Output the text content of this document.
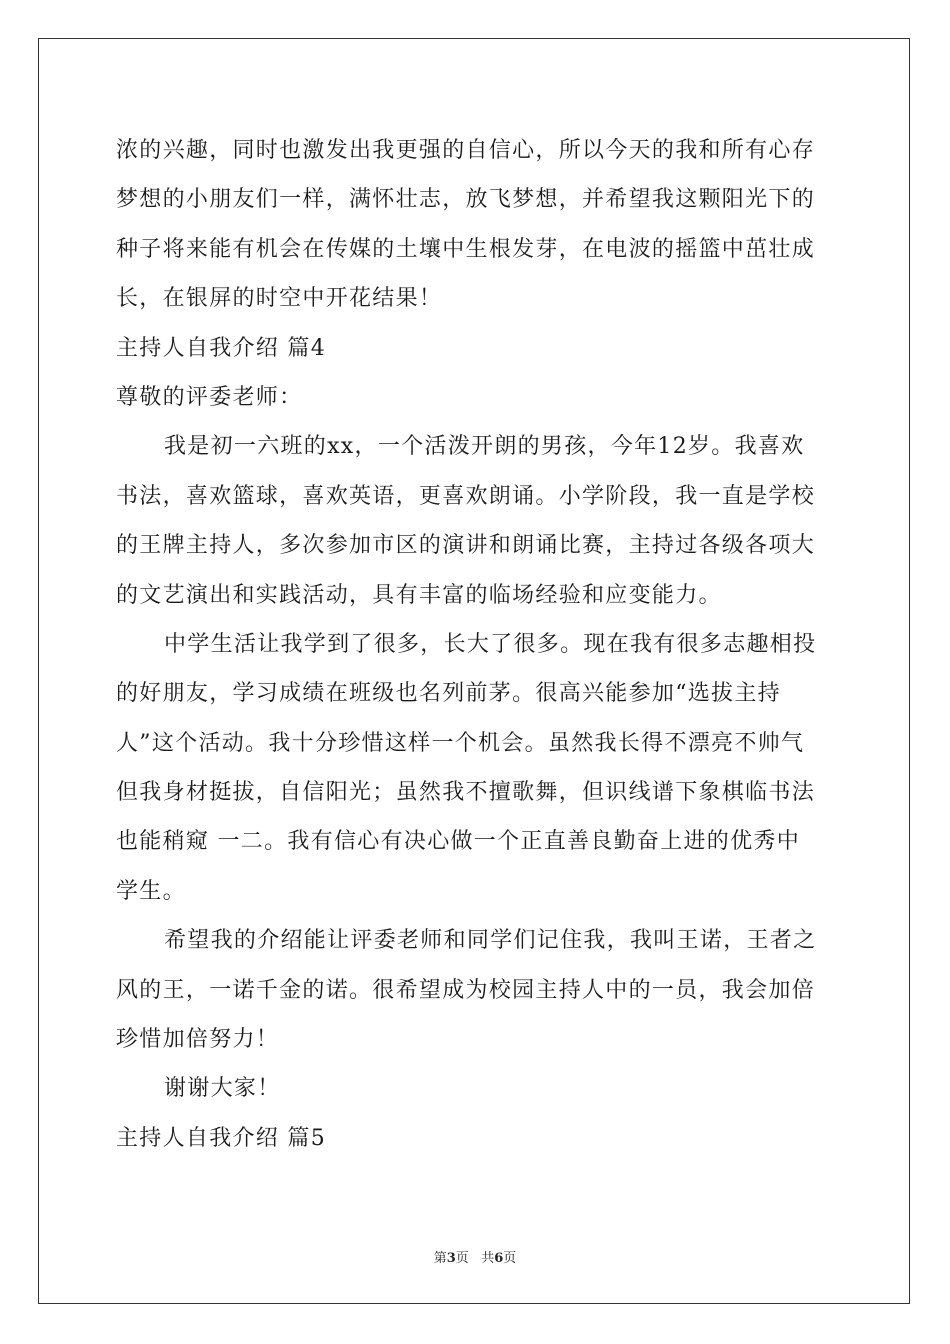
浓的兴趣，同时也激发出我更强的自信心，所以今天的我和所有心存
梦想的小朋友们一样，满怀壮志，放飞梦想，并希望我这颗阳光下的
种子将来能有机会在传媒的土壤中生根发芽，在电波的摇篮中茁壮成
长，在银屏的时空中开花结果！
主持人自我介绍 篇4
尊敬的评委老师：
我是初一六班的xx，一个活泼开朗的男孩，今年12岁。我喜欢
书法，喜欢篮球，喜欢英语，更喜欢朗诵。小学阶段，我一直是学校
的王牌主持人，多次参加市区的演讲和朗诵比赛，主持过各级各项大
的文艺演出和实践活动，具有丰富的临场经验和应变能力。
中学生活让我学到了很多，长大了很多。现在我有很多志趣相投
的好朋友，学习成绩在班级也名列前茅。很高兴能参加“选拔主持
人”这个活动。我十分珍惜这样一个机会。虽然我长得不漂亮不帅气
但我身材挺拔，自信阳光；虽然我不擅歌舞，但识线谱下象棋临书法
也能稍窥 一二。我有信心有决心做一个正直善良勤奋上进的优秀中
学生。
希望我的介绍能让评委老师和同学们记住我，我叫王诺，王者之
风的王，一诺千金的诺。很希望成为校园主持人中的一员，我会加倍
珍惜加倍努力！
谢谢大家！
主持人自我介绍 篇5
第3页 共6页
